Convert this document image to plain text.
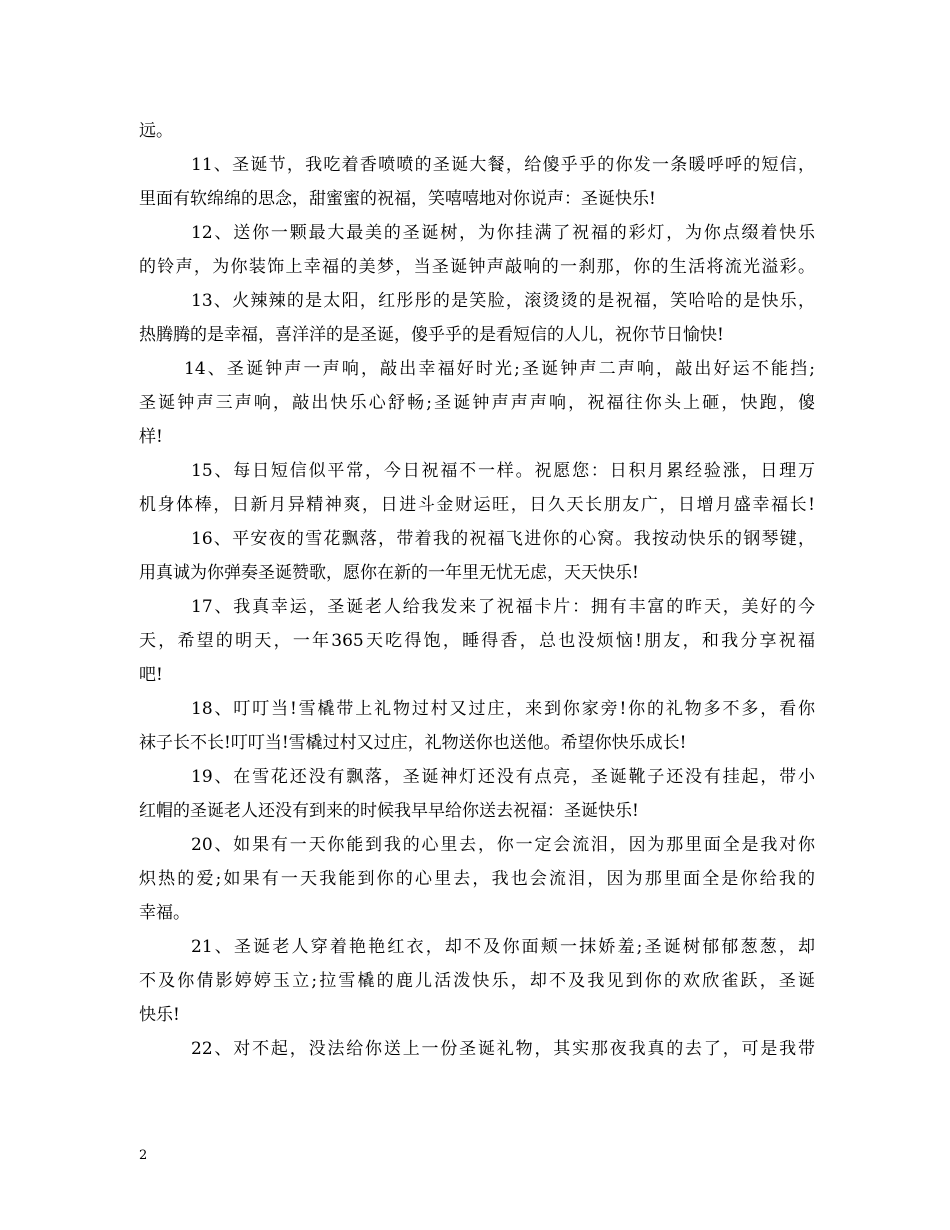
远。
11、圣诞节，我吃着香喷喷的圣诞大餐，给傻乎乎的你发一条暖呼呼的短信，
里面有软绵绵的思念，甜蜜蜜的祝福，笑嘻嘻地对你说声：圣诞快乐!
12、送你一颗最大最美的圣诞树，为你挂满了祝福的彩灯，为你点缀着快乐
的铃声，为你装饰上幸福的美梦，当圣诞钟声敲响的一刹那，你的生活将流光溢彩。
13、火辣辣的是太阳，红彤彤的是笑脸，滚烫烫的是祝福，笑哈哈的是快乐，
热腾腾的是幸福，喜洋洋的是圣诞，傻乎乎的是看短信的人儿，祝你节日愉快!
14、圣诞钟声一声响，敲出幸福好时光;圣诞钟声二声响，敲出好运不能挡;
圣诞钟声三声响，敲出快乐心舒畅;圣诞钟声声声响，祝福往你头上砸，快跑，傻
样!
15、每日短信似平常，今日祝福不一样。祝愿您：日积月累经验涨，日理万
机身体棒，日新月异精神爽，日进斗金财运旺，日久天长朋友广，日增月盛幸福长!
16、平安夜的雪花飘落，带着我的祝福飞进你的心窝。我按动快乐的钢琴键，
用真诚为你弹奏圣诞赞歌，愿你在新的一年里无忧无虑，天天快乐!
17、我真幸运，圣诞老人给我发来了祝福卡片：拥有丰富的昨天，美好的今
天，希望的明天，一年365天吃得饱，睡得香，总也没烦恼!朋友，和我分享祝福
吧!
18、叮叮当!雪橇带上礼物过村又过庄，来到你家旁!你的礼物多不多，看你
袜子长不长!叮叮当!雪橇过村又过庄，礼物送你也送他。希望你快乐成长!
19、在雪花还没有飘落，圣诞神灯还没有点亮，圣诞靴子还没有挂起，带小
红帽的圣诞老人还没有到来的时候我早早给你送去祝福：圣诞快乐!
20、如果有一天你能到我的心里去，你一定会流泪，因为那里面全是我对你
炽热的爱;如果有一天我能到你的心里去，我也会流泪，因为那里面全是你给我的
幸福。
21、圣诞老人穿着艳艳红衣，却不及你面颊一抹娇羞;圣诞树郁郁葱葱，却
不及你倩影婷婷玉立;拉雪橇的鹿儿活泼快乐，却不及我见到你的欢欣雀跃，圣诞
快乐!
22、对不起，没法给你送上一份圣诞礼物，其实那夜我真的去了，可是我带
2
